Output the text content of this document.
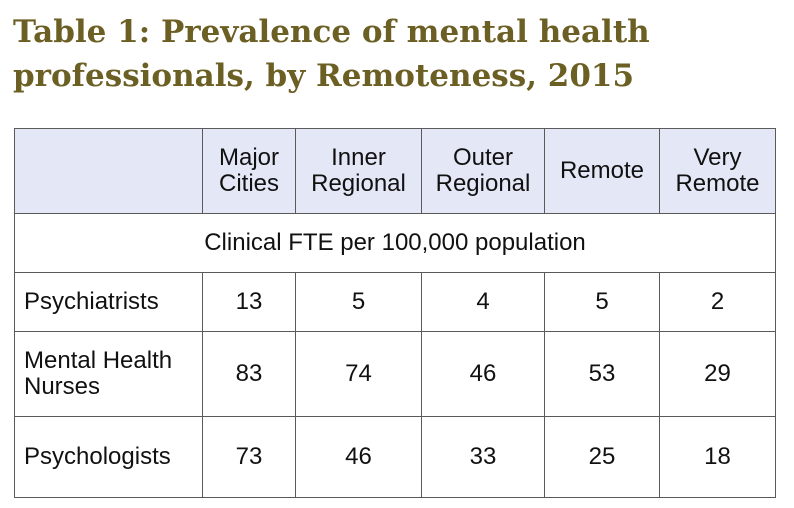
Table 1: Prevalence of mental health
professionals, by Remoteness, 2015

	Major
Cities	Inner
Regional	Outer
Regional	Remote	Very
Remote

Clinical FTE per 100,000 population					
Psychiatrists	13	5	4	5	2

Mental Health
Nurses	83	74	46	53	29
Psychologists	73	46	33	25	18
